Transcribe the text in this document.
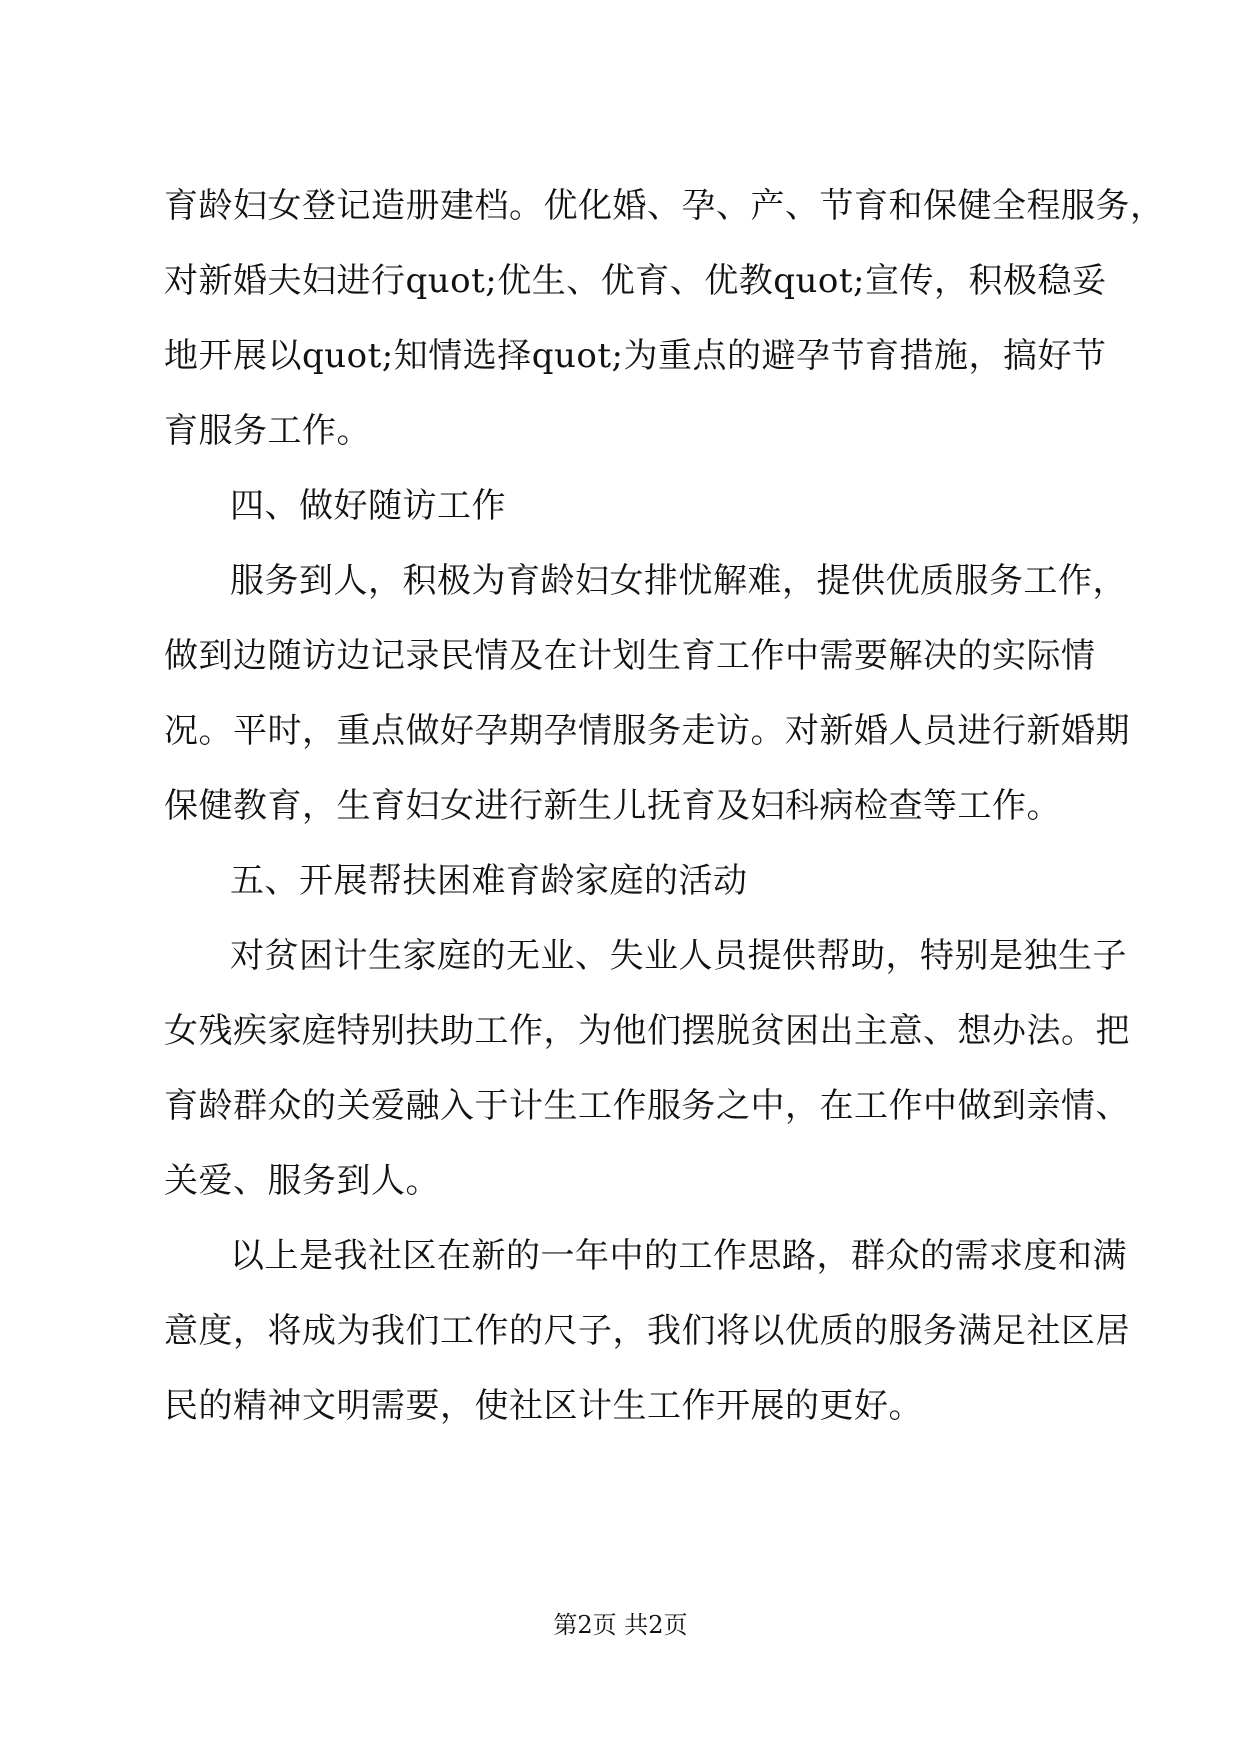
育龄妇女登记造册建档。优化婚、孕、产、节育和保健全程服务，
对新婚夫妇进行quot;优生、优育、优教quot;宣传，积极稳妥
地开展以quot;知情选择quot;为重点的避孕节育措施，搞好节
育服务工作。
四、做好随访工作
服务到人，积极为育龄妇女排忧解难，提供优质服务工作，
做到边随访边记录民情及在计划生育工作中需要解决的实际情
况。平时，重点做好孕期孕情服务走访。对新婚人员进行新婚期
保健教育，生育妇女进行新生儿抚育及妇科病检查等工作。
五、开展帮扶困难育龄家庭的活动
对贫困计生家庭的无业、失业人员提供帮助，特别是独生子
女残疾家庭特别扶助工作，为他们摆脱贫困出主意、想办法。把
育龄群众的关爱融入于计生工作服务之中，在工作中做到亲情、
关爱、服务到人。
以上是我社区在新的一年中的工作思路，群众的需求度和满
意度，将成为我们工作的尺子，我们将以优质的服务满足社区居
民的精神文明需要，使社区计生工作开展的更好。
第2页 共2页
